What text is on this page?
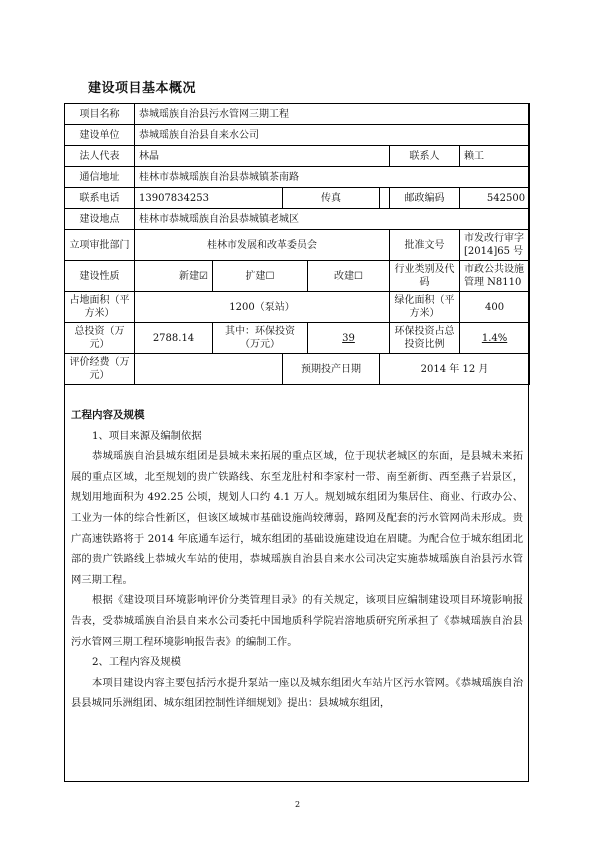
建设项目基本概况
项目名称	恭城瑶族自治县污水管网三期工程						
建设单位	恭城瑶族自治县自来水公司						
法人代表	林晶					联系人	赖工
通信地址	桂林市恭城瑶族自治县恭城镇茶南路						
联系电话	13907834253		传真			邮政编码	542500
建设地点	桂林市恭城瑶族自治县恭城镇老城区						
立项审批部门	桂林市发展和改革委员会					批准文号	市发改行审字[2014]65 号
建设性质	新建☑	扩建☐		改建☐		行业类别及代码	市政公共设施管理 N8110
占地面积（平方米）	1200（泵站）					绿化面积（平方米）	400
总投资（万元）	2788.14	其中：环保投资（万元）		39		环保投资占总投资比例	1.4%
评价经费（万元）			预期投产日期		2014 年 12 月		
工程内容及规模
1、项目来源及编制依据

恭城瑶族自治县城东组团是县城未来拓展的重点区域，位于现状老城区的东面，是县城未来拓展的重点区域，北至规划的贵广铁路线、东至龙肚村和李家村一带、南至新街、西至燕子岩景区，规划用地面积为 492.25 公顷，规划人口约 4.1 万人。规划城东组团为集居住、商业、行政办公、工业为一体的综合性新区，但该区域城市基础设施尚较薄弱，路网及配套的污水管网尚未形成。贵广高速铁路将于 2014 年底通车运行，城东组团的基础设施建设迫在眉睫。为配合位于城东组团北部的贵广铁路线上恭城火车站的使用，恭城瑶族自治县自来水公司决定实施恭城瑶族自治县污水管网三期工程。

根据《建设项目环境影响评价分类管理目录》的有关规定，该项目应编制建设项目环境影响报告表，受恭城瑶族自治县自来水公司委托中国地质科学院岩溶地质研究所承担了《恭城瑶族自治县污水管网三期工程环境影响报告表》的编制工作。

2、工程内容及规模

本项目建设内容主要包括污水提升泵站一座以及城东组团火车站片区污水管网。《恭城瑶族自治县县城同乐洲组团、城东组团控制性详细规划》提出：县城城东组团，

2
